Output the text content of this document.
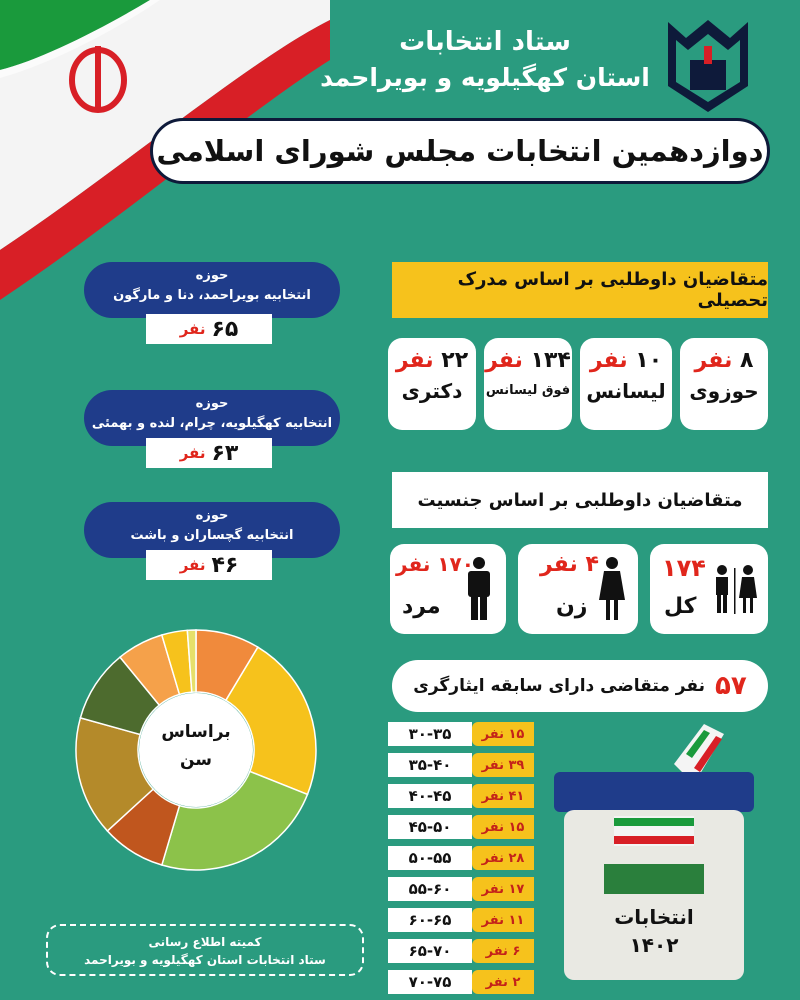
ستاد انتخابات
استان کهگیلویه و بویراحمد
دوازدهمین انتخابات مجلس شورای اسلامی
متقاضیان داوطلبی بر اساس مدرک تحصیلی
۸ نفر
حوزوی
۱۰ نفر
لیسانس
۱۳۴ نفر
فوق لیسانس
۲۲ نفر
دکتری
متقاضیان داوطلبی بر اساس جنسیت
۱۷۴
کل
۴ نفر
زن
۱۷۰ نفر
مرد
۵۷
نفر متقاضی دارای سابقه ایثارگری
حوزه
انتخابیه بویراحمد، دنا و مارگون
۶۵
نفر
حوزه
انتخابیه کهگیلویه، چرام، لنده و بهمئی
۶۳
نفر
حوزه
انتخابیه گچساران و باشت
۴۶
نفر
براساس
سن
۳۰-۳۵	۱۵ نفر
۳۵-۴۰	۳۹ نفر
۴۰-۴۵	۴۱ نفر
۴۵-۵۰	۱۵ نفر
۵۰-۵۵	۲۸ نفر
۵۵-۶۰	۱۷ نفر
۶۰-۶۵	۱۱ نفر
۶۵-۷۰	۶ نفر
۷۰-۷۵	۲ نفر
انتخابات
۱۴۰۲
کمیته اطلاع رسانی
ستاد انتخابات استان کهگیلویه و بویراحمد
